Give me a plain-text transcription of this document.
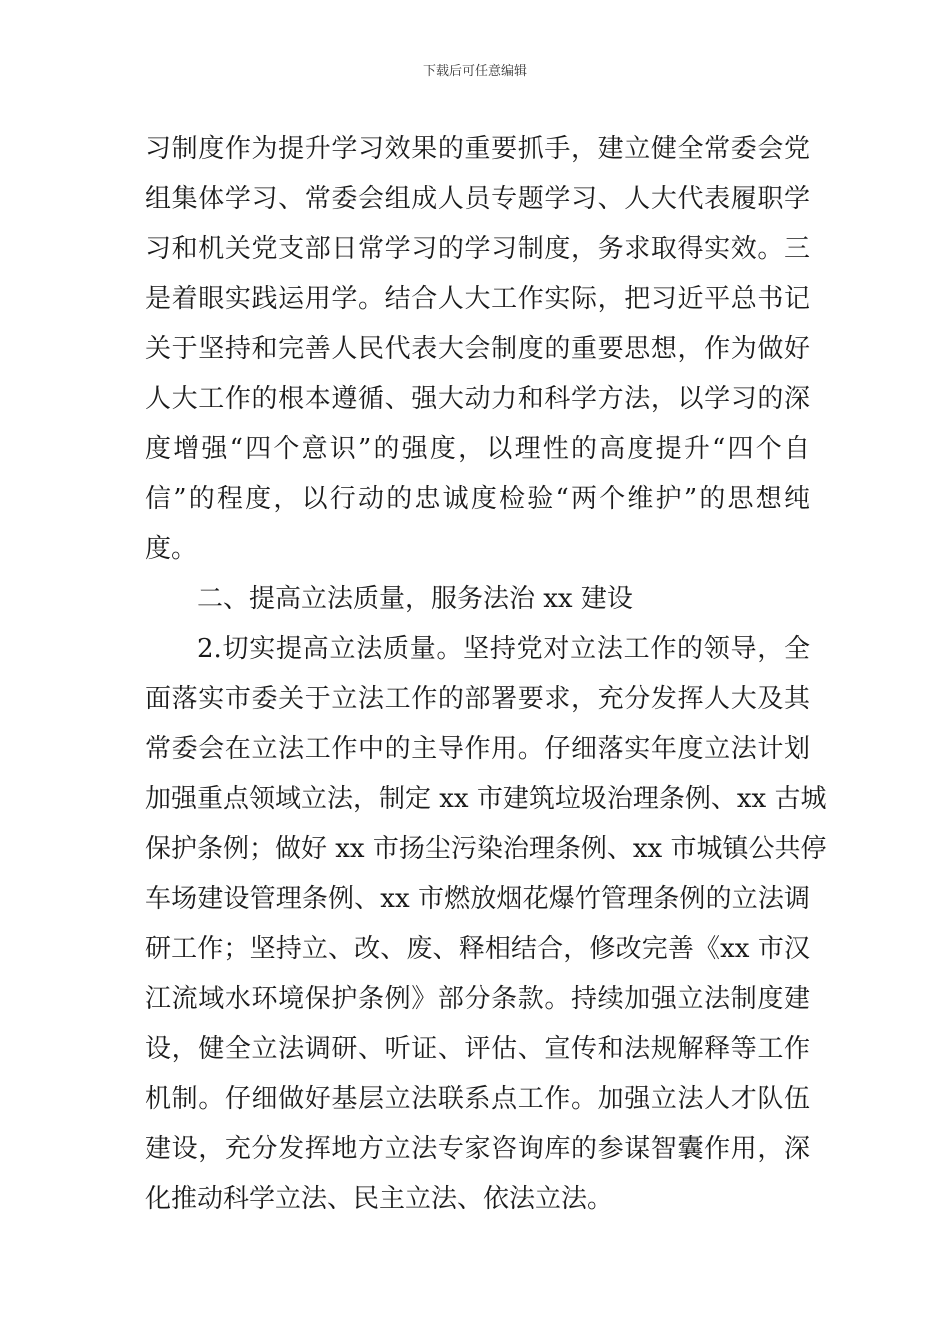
下载后可任意编辑
习制度作为提升学习效果的重要抓手，建立健全常委会党
组集体学习、常委会组成人员专题学习、人大代表履职学
习和机关党支部日常学习的学习制度，务求取得实效。三
是着眼实践运用学。结合人大工作实际，把习近平总书记
关于坚持和完善人民代表大会制度的重要思想，作为做好
人大工作的根本遵循、强大动力和科学方法，以学习的深
度增强“四个意识”的强度，以理性的高度提升“四个自
信”的程度，以行动的忠诚度检验“两个维护”的思想纯
度。
二、提高立法质量，服务法治 xx 建设
2.切实提高立法质量。坚持党对立法工作的领导，全
面落实市委关于立法工作的部署要求，充分发挥人大及其
常委会在立法工作中的主导作用。仔细落实年度立法计划
加强重点领域立法，制定 xx 市建筑垃圾治理条例、xx 古城
保护条例；做好 xx 市扬尘污染治理条例、xx 市城镇公共停
车场建设管理条例、xx 市燃放烟花爆竹管理条例的立法调
研工作；坚持立、改、废、释相结合，修改完善《xx 市汉
江流域水环境保护条例》部分条款。持续加强立法制度建
设，健全立法调研、听证、评估、宣传和法规解释等工作
机制。仔细做好基层立法联系点工作。加强立法人才队伍
建设，充分发挥地方立法专家咨询库的参谋智囊作用，深
化推动科学立法、民主立法、依法立法。
